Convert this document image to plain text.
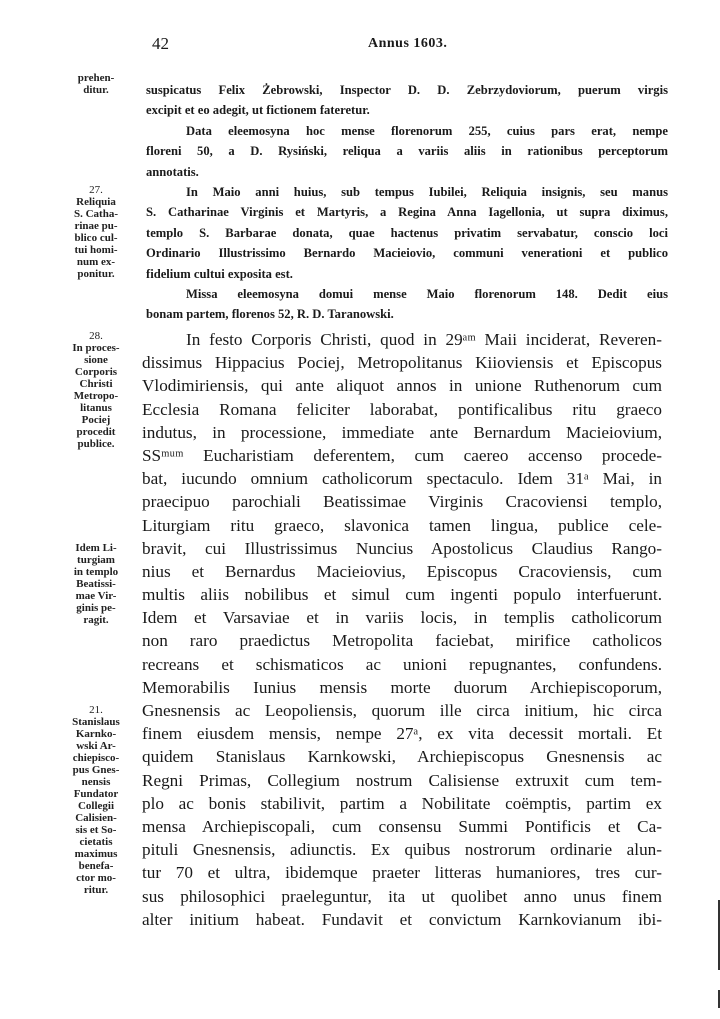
42	Annus 1603.
prehen-
ditur.
27.
Reliquia
S. Catha-
rinae pu-
blico cul-
tui homi-
num ex-
ponitur.
28.
In proces-
sione
Corporis
Christi
Metropo-
litanus
Pociej
procedit
publice.
Idem Li-
turgiam
in templo
Beatissi-
mae Vir-
ginis pe-
ragit.
21.
Stanislaus
Karnko-
wski Ar-
chiepisco-
pus Gnes-
nensis
Fundator
Collegii
Calisien-
sis et So-
cietatis
maximus
benefa-
ctor mo-
ritur.
suspicatus Felix Żebrowski, Inspector D. D. Zebrzydoviorum, puerum virgis
excipit et eo adegit, ut fictionem fateretur.
Data eleemosyna hoc mense florenorum 255, cuius pars erat, nempe
floreni 50, a D. Rysiński, reliqua a variis aliis in rationibus perceptorum
annotatis.
In Maio anni huius, sub tempus Iubilei, Reliquia insignis, seu manus
S. Catharinae Virginis et Martyris, a Regina Anna Iagellonia, ut supra diximus,
templo S. Barbarae donata, quae hactenus privatim servabatur, conscio loci
Ordinario Illustrissimo Bernardo Macieiovio, communi venerationi et publico
fidelium cultui exposita est.
Missa eleemosyna domui mense Maio florenorum 148. Dedit eius
bonam partem, florenos 52, R. D. Taranowski.
In festo Corporis Christi, quod in 29ᵃᵐ Maii inciderat, Reveren-
dissimus Hippacius Pociej, Metropolitanus Kiioviensis et Episcopus
Vlodimiriensis, qui ante aliquot annos in unione Ruthenorum cum
Ecclesia Romana feliciter laborabat, pontificalibus ritu graeco
indutus, in processione, immediate ante Bernardum Macieiovium,
SSᵐᵘᵐ Eucharistiam deferentem, cum caereo accenso procede-
bat, iucundo omnium catholicorum spectaculo. Idem 31ᵃ Mai, in
praecipuo parochiali Beatissimae Virginis Cracoviensi templo,
Liturgiam ritu graeco, slavonica tamen lingua, publice cele-
bravit, cui Illustrissimus Nuncius Apostolicus Claudius Rango-
nius et Bernardus Macieiovius, Episcopus Cracoviensis, cum
multis aliis nobilibus et simul cum ingenti populo interfuerunt.
Idem et Varsaviae et in variis locis, in templis catholicorum
non raro praedictus Metropolita faciebat, mirifice catholicos
recreans et schismaticos ac unioni repugnantes, confundens.
Memorabilis Iunius mensis morte duorum Archiepiscoporum,
Gnesnensis ac Leopoliensis, quorum ille circa initium, hic circa
finem eiusdem mensis, nempe 27ᵃ, ex vita decessit mortali. Et
quidem Stanislaus Karnkowski, Archiepiscopus Gnesnensis ac
Regni Primas, Collegium nostrum Calisiense extruxit cum tem-
plo ac bonis stabilivit, partim a Nobilitate coëmptis, partim ex
mensa Archiepiscopali, cum consensu Summi Pontificis et Ca-
pituli Gnesnensis, adiunctis. Ex quibus nostrorum ordinarie alun-
tur 70 et ultra, ibidemque praeter litteras humaniores, tres cur-
sus philosophici praeleguntur, ita ut quolibet anno unus finem
alter initium habeat. Fundavit et convictum Karnkovianum ibi-
